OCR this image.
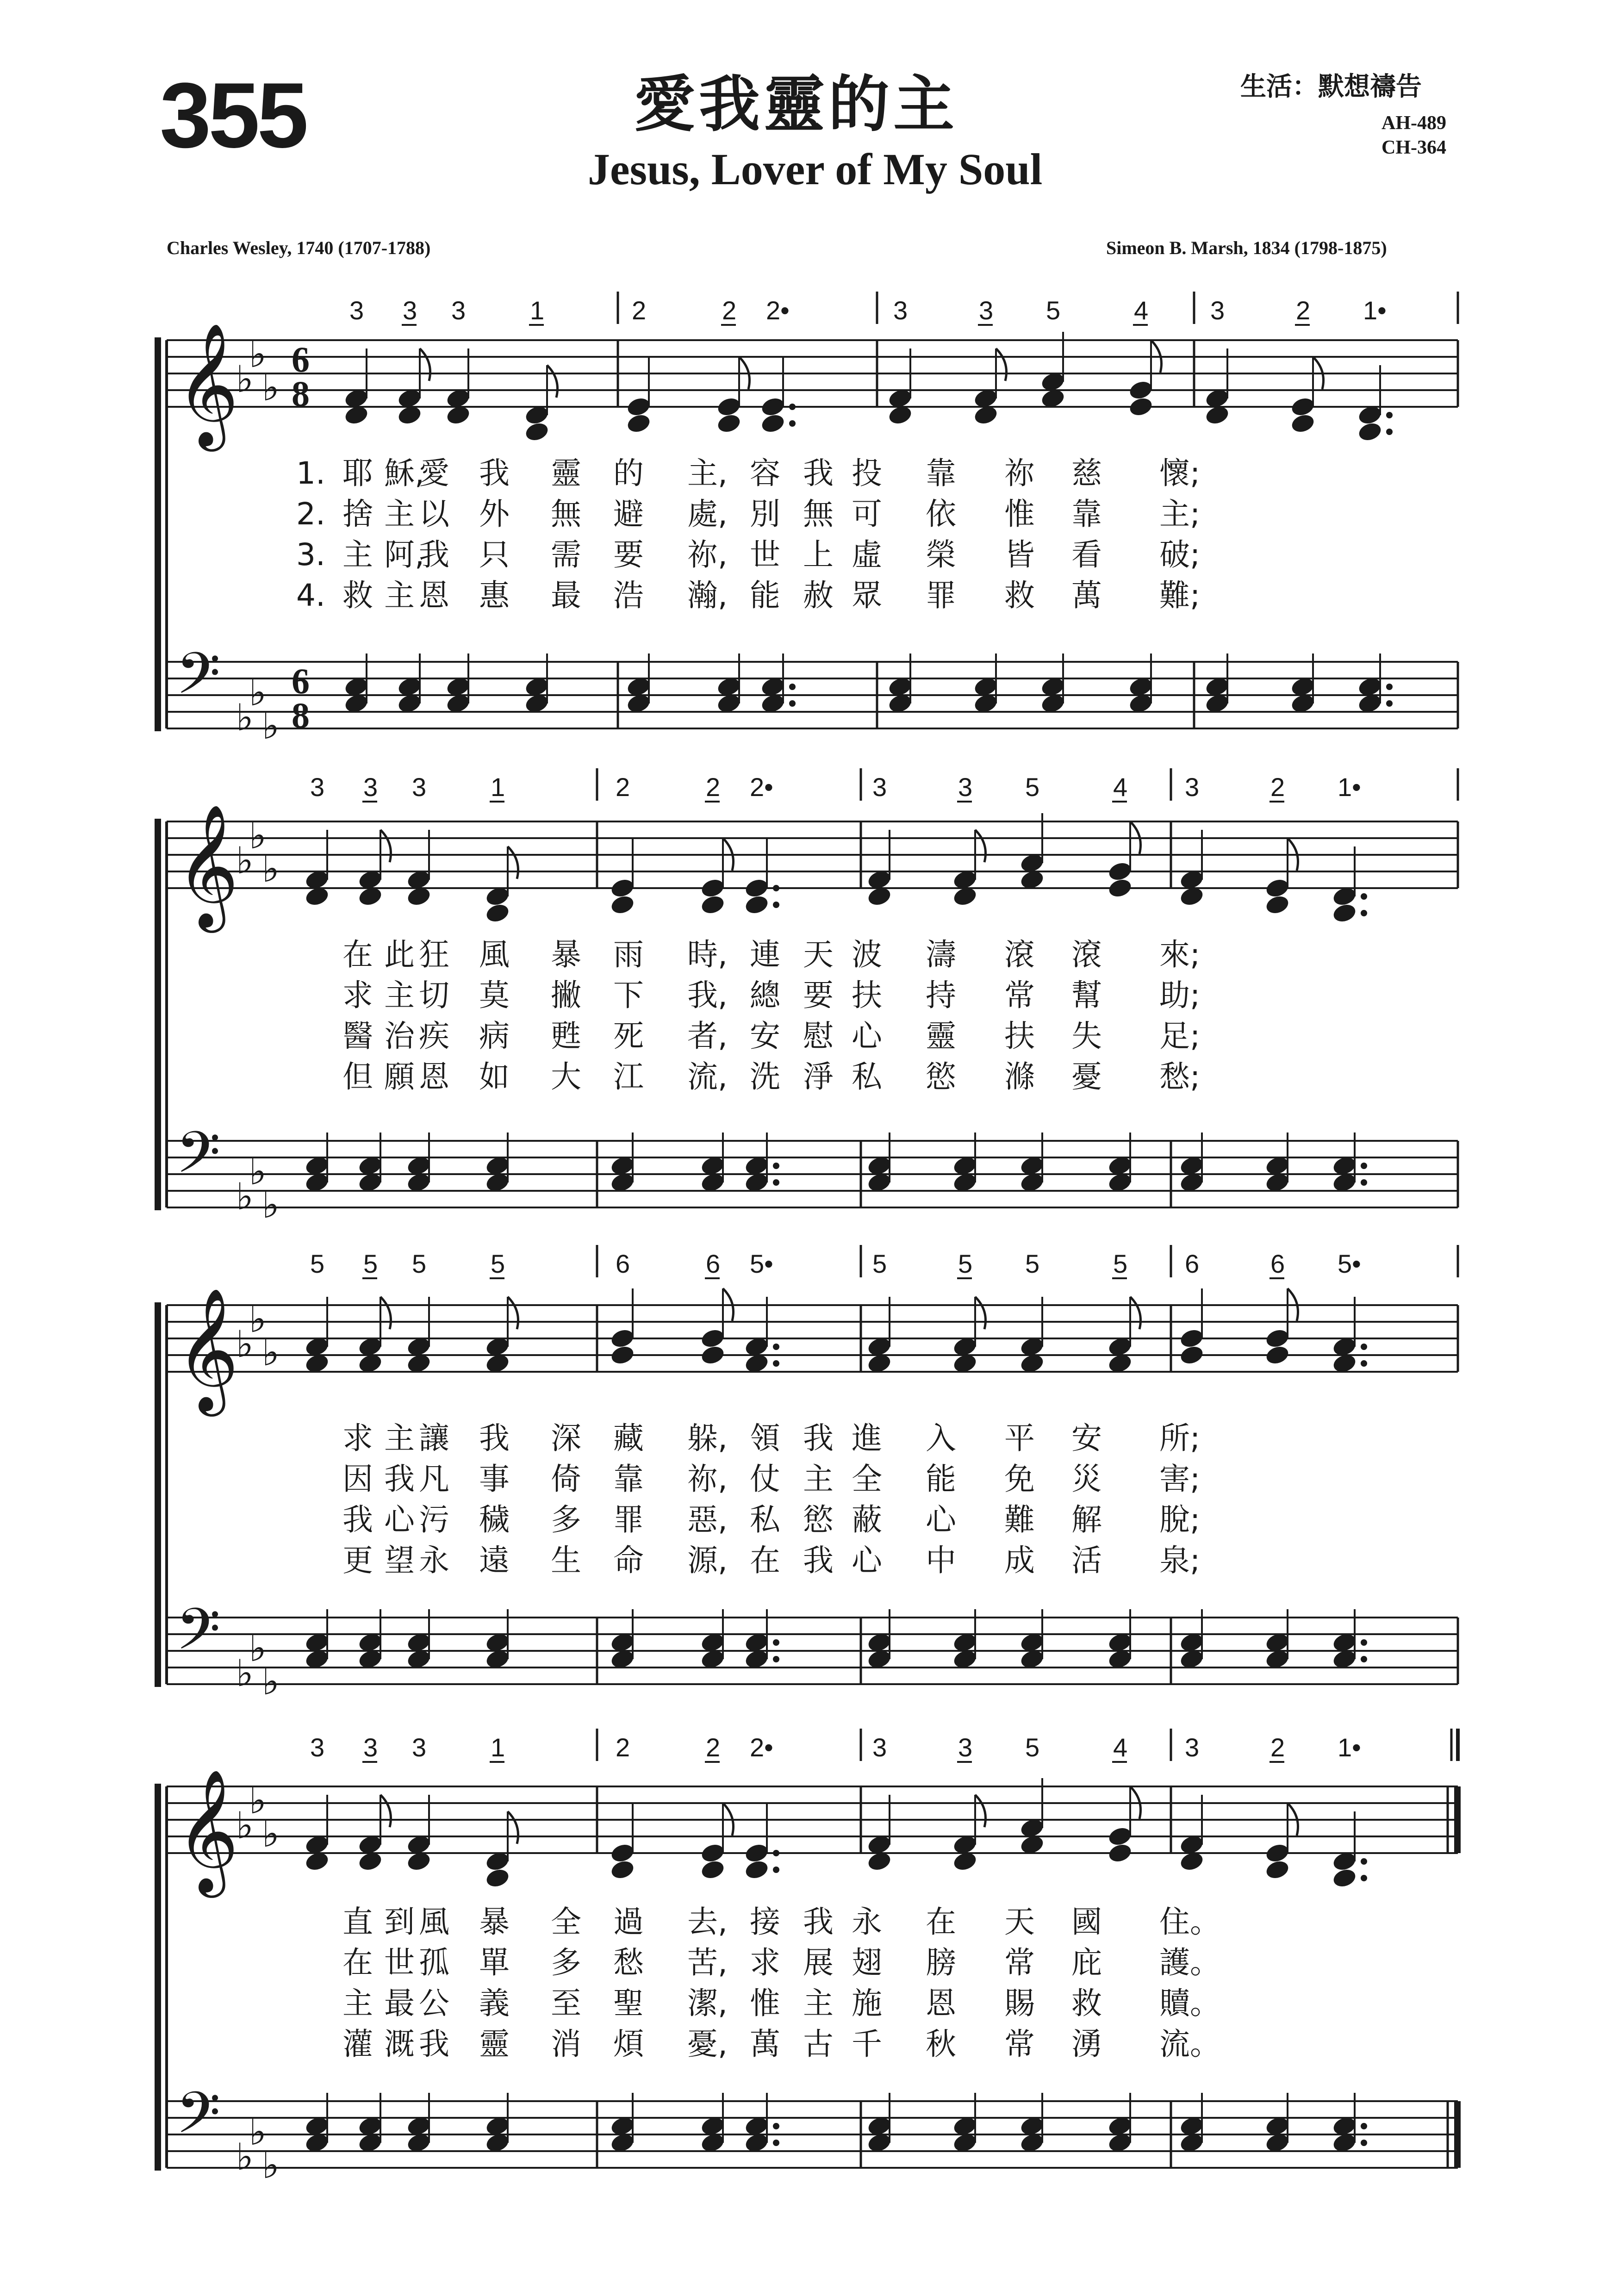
355	愛我靈的主
Jesus, Lover of My Soul
生活：默想禱告
AH-489
CH-364
Charles Wesley, 1740 (1707-1788)	Simeon B. Marsh, 1834 (1798-1875)
3 3 3 1	2	2 2•	3	3 5	4 3	2 1•
𝄞
𝄢
♭
♭
♭
♭
♭
♭
6
8
6
8
1. 耶 穌,
愛 我 靈 的 主, 容 我 投 靠 祢 慈 懷;
2. 捨 主 以 外 無 避 處, 別 無 可 依 惟 靠 主;
3. 主 阿,
我 只 需 要 祢, 世 上 虛 榮 皆 看 破;
4. 救 主 恩 惠 最 浩 瀚, 能 赦 眾 罪 救 萬 難;
3 3 3 1	2	2 2•	3	3 5	4 3	2 1•
𝄞
𝄢
♭
♭
♭
♭
♭
♭
在 此 狂 風 暴 雨 時, 連 天 波 濤 滾 滾 來;
求 主 切 莫 撇 下 我, 總 要 扶 持 常 幫 助;
醫 治 疾 病 甦 死 者, 安 慰 心 靈 扶 失 足;
但 願 恩 如 大 江 流, 洗 淨 私 慾 滌 憂 愁;
5 5 5 5	6	6 5•	5	5 5	5 6	6 5•
𝄞
𝄢
♭
♭
♭
♭
♭
♭
求 主 讓 我 深 藏 躲, 領 我 進 入 平 安 所;
因 我 凡 事 倚 靠 祢, 仗 主 全 能 免 災 害;
我 心 污 穢 多 罪 惡, 私 慾 蔽 心 難 解 脫;
更 望 永 遠 生 命 源, 在 我 心 中 成 活 泉;
3 3 3 1	2	2 2•	3	3 5	4 3	2 1•
𝄞
𝄢
♭
♭
♭
♭
♭
♭
直 到 風 暴 全 過 去, 接 我 永 在 天 國 住。
在 世 孤 單 多 愁 苦, 求 展 翅 膀 常 庇 護。
主 最 公 義 至 聖 潔, 惟 主 施 恩 賜 救 贖。
灌 溉 我 靈 消 煩 憂, 萬 古 千 秋 常 湧 流。
